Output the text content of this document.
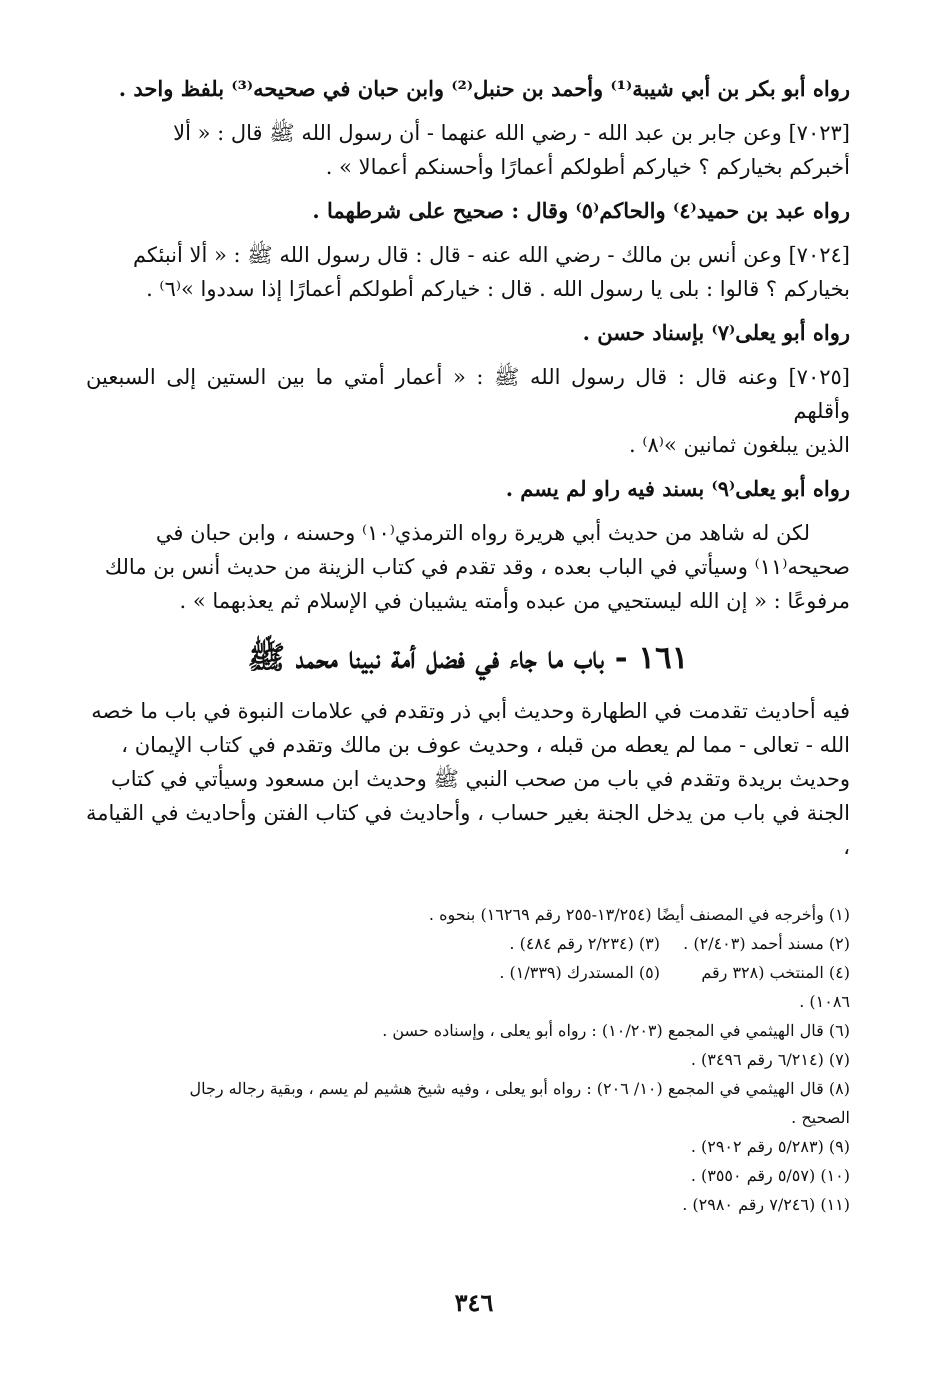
رواه أبو بكر بن أبي شيبة⁽¹⁾ وأحمد بن حنبل⁽²⁾ وابن حبان في صحيحه⁽³⁾ بلفظ واحد .

[٧٠٢٣] وعن جابر بن عبد الله - رضي الله عنهما - أن رسول الله ﷺ قال : « ألا

أخبركم بخياركم ؟ خياركم أطولكم أعمارًا وأحسنكم أعمالا » .

رواه عبد بن حميد⁽٤⁾ والحاكم⁽٥⁾ وقال : صحيح على شرطهما .

[٧٠٢٤] وعن أنس بن مالك - رضي الله عنه - قال : قال رسول الله ﷺ : « ألا أنبئكم

بخياركم ؟ قالوا : بلى يا رسول الله . قال : خياركم أطولكم أعمارًا إذا سددوا »⁽٦⁾ .

رواه أبو يعلى⁽٧⁾ بإسناد حسن .

[٧٠٢٥] وعنه قال : قال رسول الله ﷺ : « أعمار أمتي ما بين الستين إلى السبعين وأقلهم

الذين يبلغون ثمانين »⁽٨⁾ .

رواه أبو يعلى⁽٩⁾ بسند فيه راو لم يسم .

لكن له شاهد من حديث أبي هريرة رواه الترمذي⁽١٠⁾ وحسنه ، وابن حبان في

صحيحه⁽١١⁾ وسيأتي في الباب بعده ، وقد تقدم في كتاب الزينة من حديث أنس بن مالك

مرفوعًا : « إن الله ليستحيي من عبده وأمته يشيبان في الإسلام ثم يعذبهما » .

١٦١ - باب ما جاء في فضل أمة نبينا محمد ﷺ

فيه أحاديث تقدمت في الطهارة وحديث أبي ذر وتقدم في علامات النبوة في باب ما خصه

الله - تعالى - مما لم يعطه من قبله ، وحديث عوف بن مالك وتقدم في كتاب الإيمان ،

وحديث بريدة وتقدم في باب من صحب النبي ﷺ وحديث ابن مسعود وسيأتي في كتاب

الجنة في باب من يدخل الجنة بغير حساب ، وأحاديث في كتاب الفتن وأحاديث في القيامة ،

(١) وأخرجه في المصنف أيضًا (١٣/٢٥٤-٢٥٥ رقم ١٦٢٦٩) بنحوه .

(٢) مسند أحمد (٢/٤٠٣) .

(٣) (٢/٢٣٤ رقم ٤٨٤) .

(٤) المنتخب (٣٢٨ رقم ١٠٨٦) .

(٥) المستدرك (١/٣٣٩) .

(٦) قال الهيثمي في المجمع (١٠/٢٠٣) : رواه أبو يعلى ، وإسناده حسن .

(٧) (٦/٢١٤ رقم ٣٤٩٦) .

(٨) قال الهيثمي في المجمع (١٠/ ٢٠٦) : رواه أبو يعلى ، وفيه شيخ هشيم لم يسم ، وبقية رجاله رجال

الصحيح .

(٩) (٥/٢٨٣ رقم ٢٩٠٢) .

(١٠) (٥/٥٧ رقم ٣٥٥٠) .

(١١) (٧/٢٤٦ رقم ٢٩٨٠) .

٣٤٦
